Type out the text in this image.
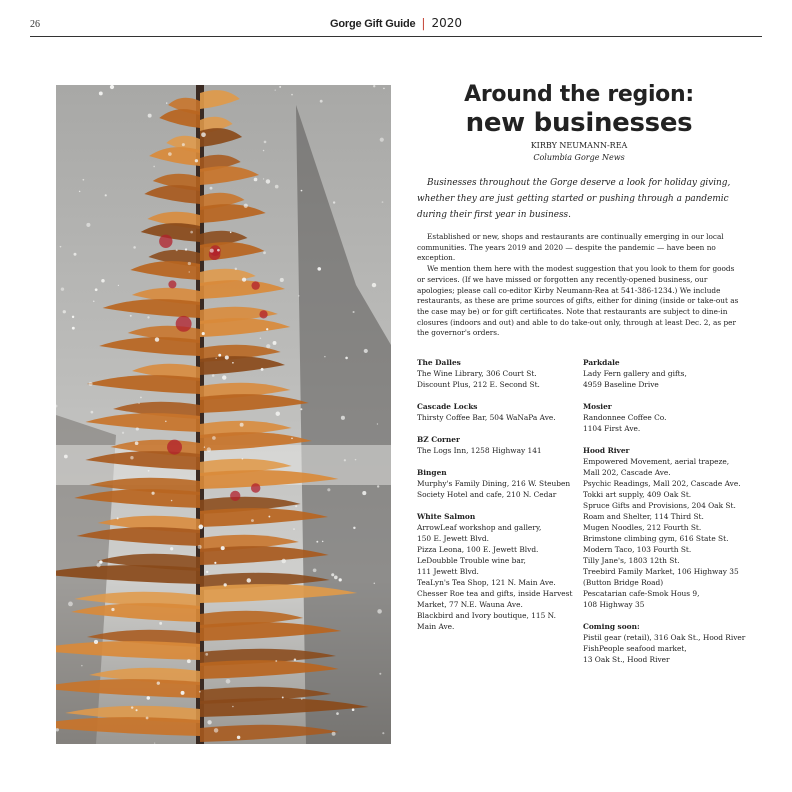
26	Gorge Gift Guide | 2020
Around the region:
new businesses
KIRBY NEUMANN-REA
Columbia Gorge News
Businesses throughout the Gorge deserve a look for holiday giving, whether they are just getting started or pushing through a pandemic during their first year in business.

Established or new, shops and restaurants are continually emerging in our local communities. The years 2019 and 2020 — despite the pandemic — have been no exception.

We mention them here with the modest suggestion that you look to them for goods or services. (If we have missed or forgotten any recently-opened business, our apologies; please call co-editor Kirby Neumann-Rea at 541-386-1234.) We include restaurants, as these are prime sources of gifts, either for dining (inside or take-out as the case may be) or for gift certificates. Note that restaurants are subject to dine-in closures (indoors and out) and able to do take-out only, through at least Dec. 2, as per the governor's orders.

The Dalles
The Wine Library, 306 Court St.
Discount Plus, 212 E. Second St.
Cascade Locks
Thirsty Coffee Bar, 504 WaNaPa Ave.
BZ Corner
The Logs Inn, 1258 Highway 141
Bingen
Murphy's Family Dining, 216 W. Steuben
Society Hotel and cafe, 210 N. Cedar
White Salmon
ArrowLeaf workshop and gallery,
150 E. Jewett Blvd.
Pizza Leona, 100 E. Jewett Blvd.
LeDoubble Trouble wine bar,
111 Jewett Blvd.
TeaLyn's Tea Shop, 121 N. Main Ave.
Chesser Roe tea and gifts, inside Harvest
Market, 77 N.E. Wauna Ave.
Blackbird and Ivory boutique, 115 N.
Main Ave.
Parkdale
Lady Fern gallery and gifts,
4959 Baseline Drive
Mosier
Randonnee Coffee Co.
1104 First Ave.
Hood River
Empowered Movement, aerial trapeze,
Mall 202, Cascade Ave.
Psychic Readings, Mall 202, Cascade Ave.
Tokki art supply, 409 Oak St.
Spruce Gifts and Provisions, 204 Oak St.
Roam and Shelter, 114 Third St.
Mugen Noodles, 212 Fourth St.
Brimstone climbing gym, 616 State St.
Modern Taco, 103 Fourth St.
Tilly Jane's, 1803 12th St.
Treebird Family Market, 106 Highway 35
(Button Bridge Road)
Pescatarian cafe-Smok Hous 9,
108 Highway 35
Coming soon:
Pistil gear (retail), 316 Oak St., Hood River
FishPeople seafood market,
13 Oak St., Hood River
